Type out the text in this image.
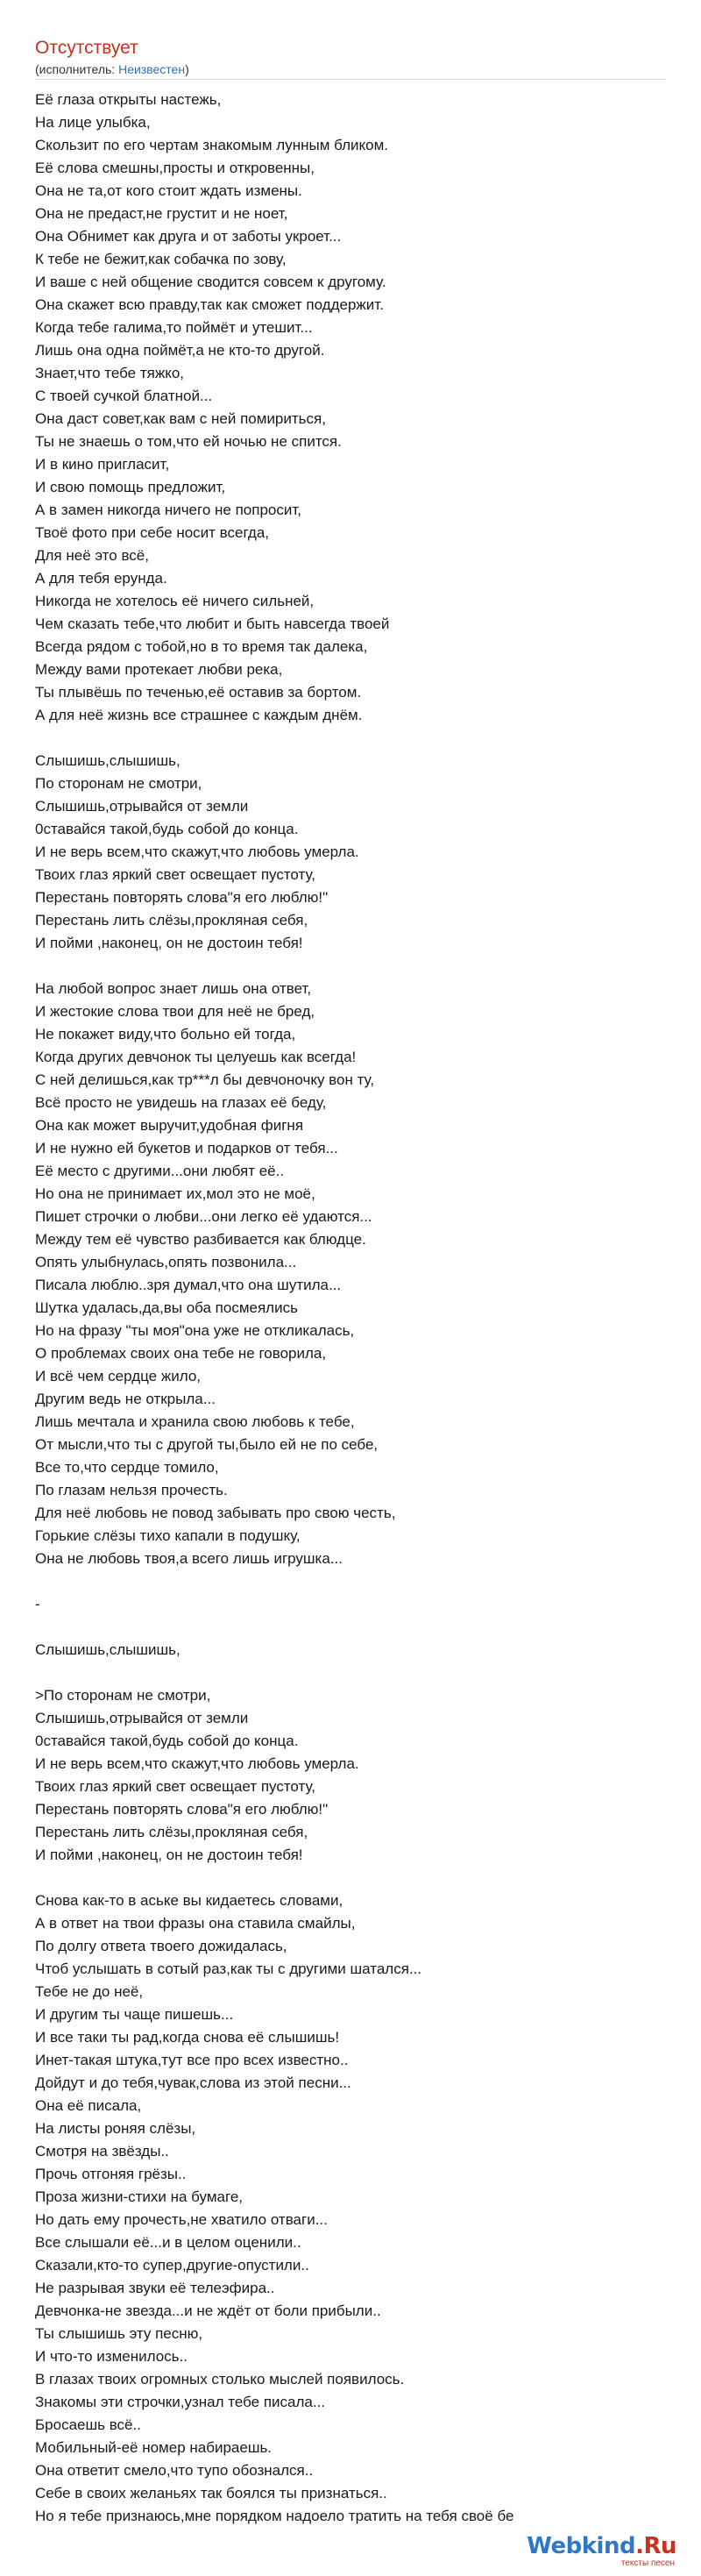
Отсутствует
(исполнитель: Неизвестен)
Её глаза открыты настежь,
На лице улыбка,
Скользит по его чертам знакомым лунным бликом.
Её слова смешны,просты и откровенны,
Она не та,от кого стоит ждать измены.
Она не предаст,не грустит и не ноет,
Она Обнимет как друга и от заботы укроет...
К тебе не бежит,как собачка по зову,
И ваше с ней общение сводится совсем к другому.
Она скажет всю правду,так как сможет поддержит.
Когда тебе галима,то поймёт и утешит...
Лишь она одна поймёт,а не кто-то другой.
Знает,что тебе тяжко,
С твоей сучкой блатной...
Она даст совет,как вам с ней помириться,
Ты не знаешь о том,что ей ночью не спится.
И в кино пригласит,
И свою помощь предложит,
А в замен никогда ничего не попросит,
Твоё фото при себе носит всегда,
Для неё это всё,
А для тебя ерунда.
Никогда не хотелось её ничего сильней,
Чем сказать тебе,что любит и быть навсегда твоей
Всегда рядом с тобой,но в то время так далека,
Между вами протекает любви река,
Ты плывёшь по теченью,её оставив за бортом.
А для неё жизнь все страшнее с каждым днём.
Слышишь,слышишь,
По сторонам не смотри,
Слышишь,отрывайся от земли
0ставайся такой,будь собой до конца.
И не верь всем,что скажут,что любовь умерла.
Твоих глаз яркий свет освещает пустоту,
Перестань повторять слова"я его люблю!"
Перестань лить слёзы,прокляная себя,
И пойми ,наконец, он не достоин тебя!
На любой вопрос знает лишь она ответ,
И жестокие слова твои для неё не бред,
Не покажет виду,что больно ей тогда,
Когда других девчонок ты целуешь как всегда!
С ней делишься,как тр***л бы девчоночку вон ту,
Всё просто не увидешь на глазах её беду,
Она как может выручит,удобная фигня
И не нужно ей букетов и подарков от тебя...
Её место с другими...они любят её..
Но она не принимает их,мол это не моё,
Пишет строчки о любви...они легко её удаются...
Между тем её чувство разбивается как блюдце.
Опять улыбнулась,опять позвонила...
Писала люблю..зря думал,что она шутила...
Шутка удалась,да,вы оба посмеялись
Но на фразу "ты моя"она уже не откликалась,
О проблемах своих она тебе не говорила,
И всё чем сердце жило,
Другим ведь не открыла...
Лишь мечтала и хранила свою любовь к тебе,
От мысли,что ты с другой ты,было ей не по себе,
Все то,что сердце томило,
По глазам нельзя прочесть.
Для неё любовь не повод забывать про свою честь,
Горькие слёзы тихо капали в подушку,
Она не любовь твоя,а всего лишь игрушка...
-
Слышишь,слышишь,
>По сторонам не смотри,
Слышишь,отрывайся от земли
0ставайся такой,будь собой до конца.
И не верь всем,что скажут,что любовь умерла.
Твоих глаз яркий свет освещает пустоту,
Перестань повторять слова"я его люблю!"
Перестань лить слёзы,прокляная себя,
И пойми ,наконец, он не достоин тебя!
Снова как-то в аське вы кидаетесь словами,
А в ответ на твои фразы она ставила смайлы,
По долгу ответа твоего дожидалась,
Чтоб услышать в сотый раз,как ты с другими шатался...
Тебе не до неё,
И другим ты чаще пишешь...
И все таки ты рад,когда снова её слышишь!
Инет-такая штука,тут все про всех известно..
Дойдут и до тебя,чувак,слова из этой песни...
Она её писала,
На листы роняя слёзы,
Смотря на звёзды..
Прочь отгоняя грёзы..
Проза жизни-стихи на бумаге,
Но дать ему прочесть,не хватило отваги...
Все слышали её...и в целом оценили..
Сказали,кто-то супер,другие-опустили..
Не разрывая звуки её телеэфира..
Девчонка-не звезда...и не ждёт от боли прибыли..
Ты слышишь эту песню,
И что-то изменилось..
В глазах твоих огромных столько мыслей появилось.
Знакомы эти строчки,узнал тебе писала...
Бросаешь всё..
Мобильный-её номер набираешь.
Она ответит смело,что тупо обознался..
Себе в своих желаньях так боялся ты признаться..
Но я тебе признаюсь,мне порядком надоело тратить на тебя своё бе
Webkind.Ru
тексты песен
